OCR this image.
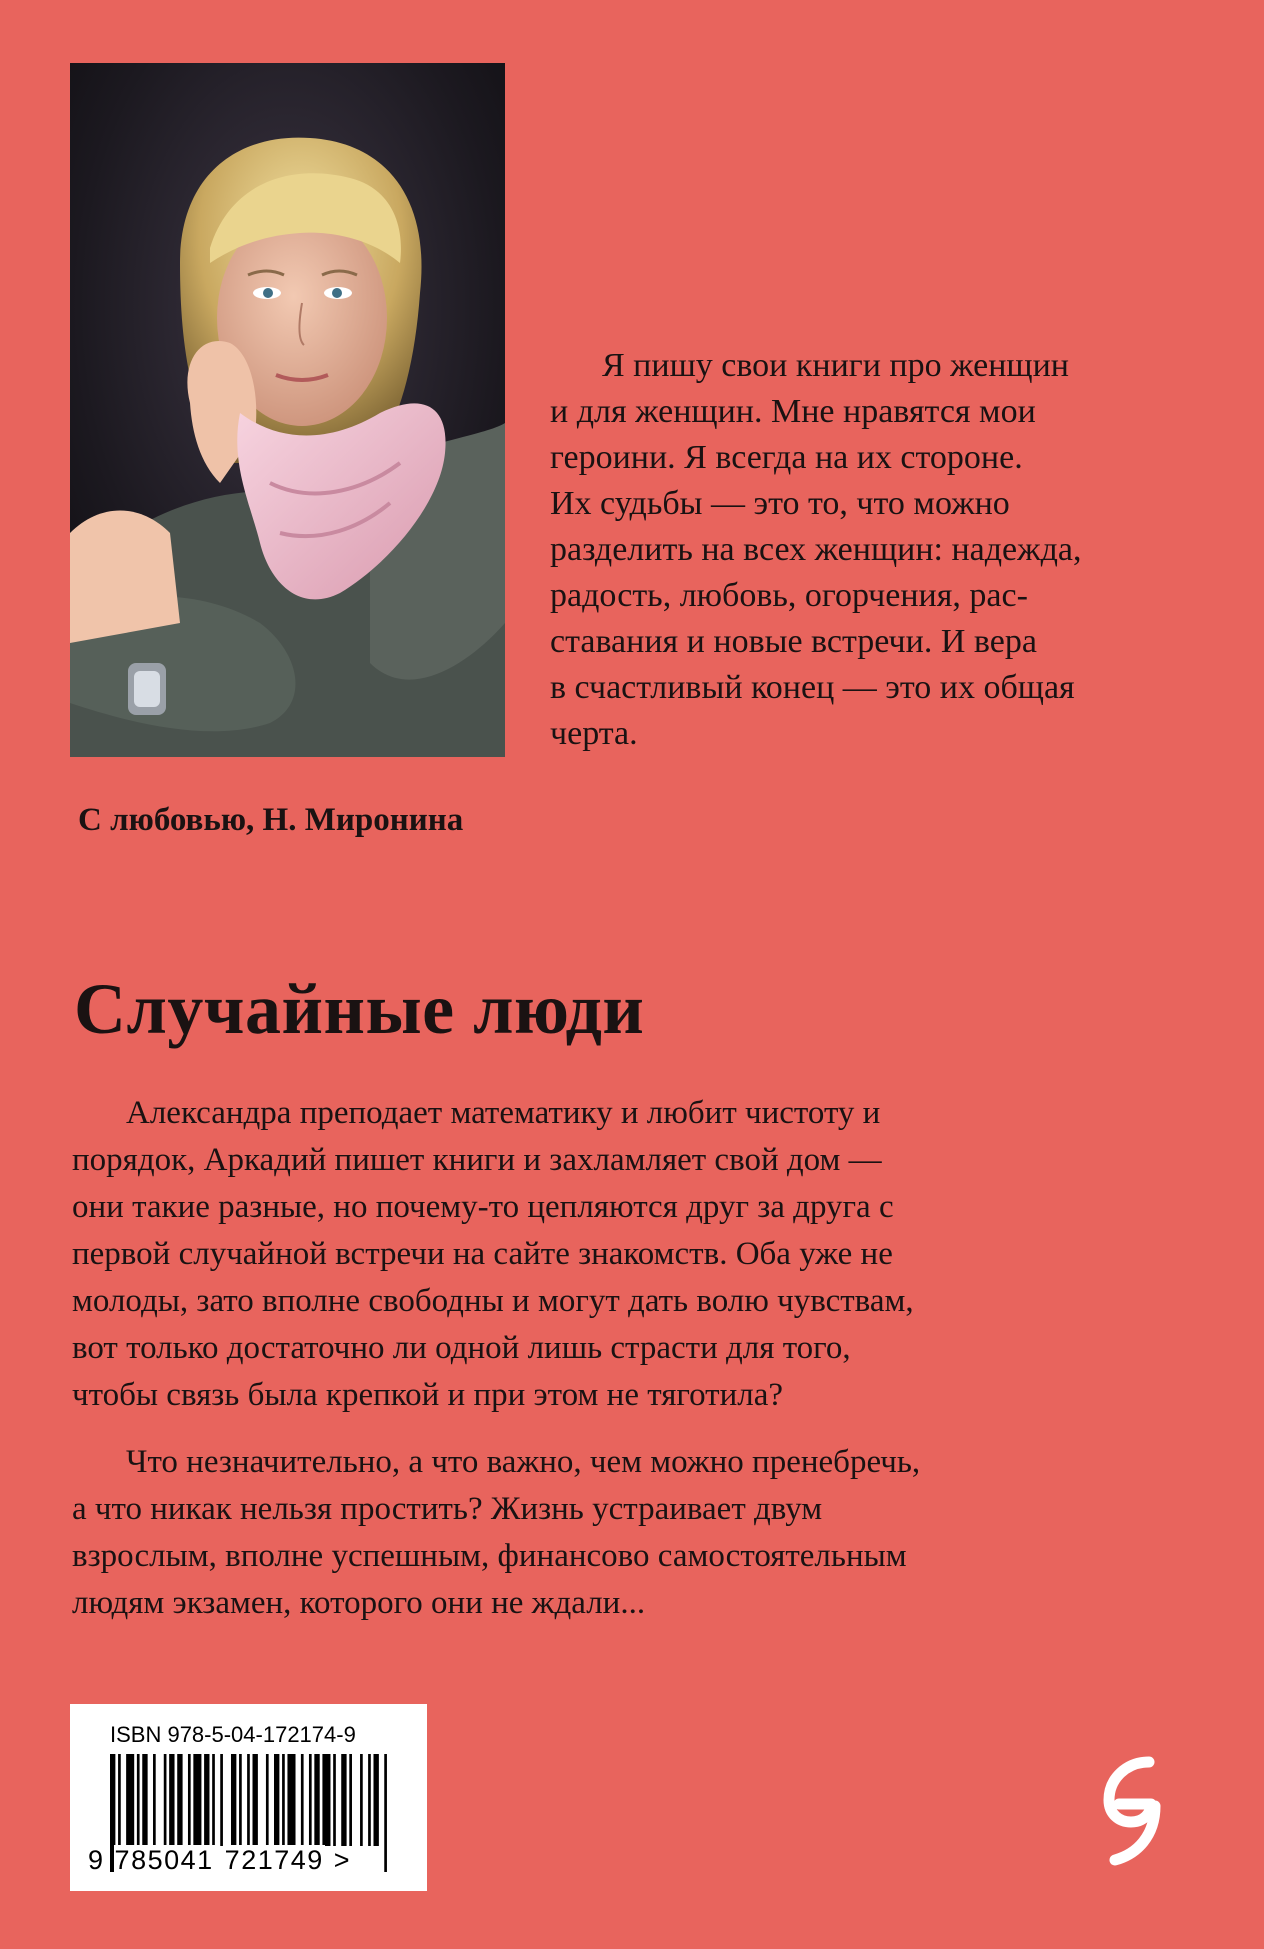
Я пишу свои книги про женщин
и для женщин. Мне нравятся мои
героини. Я всегда на их стороне.
Их судьбы — это то, что можно
разделить на всех женщин: надежда,
радость, любовь, огорчения, рас-
ставания и новые встречи. И вера
в счастливый конец — это их общая
черта.

С любовью, Н. Миронина

Случайные люди

Александра преподает математику и любит чистоту и
порядок, Аркадий пишет книги и захламляет свой дом —
они такие разные, но почему-то цепляются друг за друга с
первой случайной встречи на сайте знакомств. Оба уже не
молоды, зато вполне свободны и могут дать волю чувствам,
вот только достаточно ли одной лишь страсти для того,
чтобы связь была крепкой и при этом не тяготила?

Что незначительно, а что важно, чем можно пренебречь,
а что никак нельзя простить? Жизнь устраивает двум
взрослым, вполне успешным, финансово самостоятельным
людям экзамен, которого они не ждали...

ISBN 978-5-04-172174-9

9 785041 721749 >
